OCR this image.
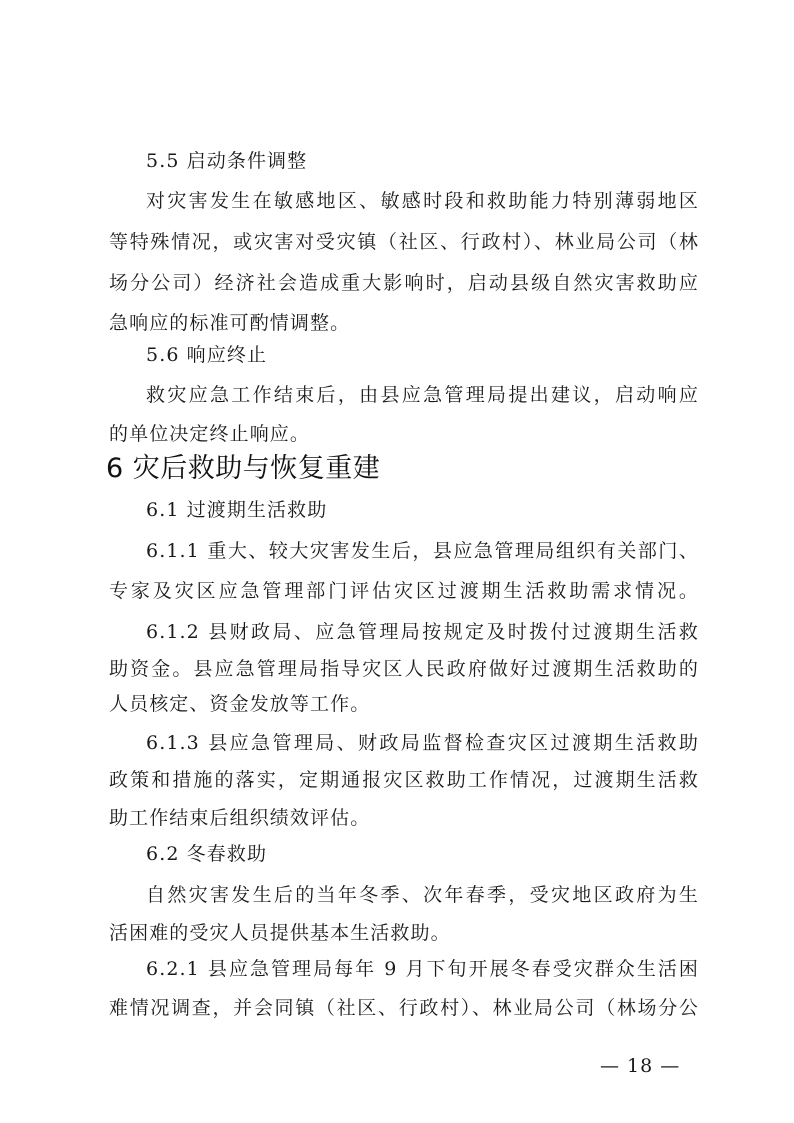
5.5 启动条件调整
对灾害发生在敏感地区、敏感时段和救助能力特别薄弱地区
等特殊情况，或灾害对受灾镇（社区、行政村）、林业局公司（林
场分公司）经济社会造成重大影响时，启动县级自然灾害救助应
急响应的标准可酌情调整。
5.6 响应终止
救灾应急工作结束后，由县应急管理局提出建议，启动响应
的单位决定终止响应。
6 灾后救助与恢复重建
6.1 过渡期生活救助
6.1.1 重大、较大灾害发生后，县应急管理局组织有关部门、
专家及灾区应急管理部门评估灾区过渡期生活救助需求情况。
6.1.2 县财政局、应急管理局按规定及时拨付过渡期生活救
助资金。县应急管理局指导灾区人民政府做好过渡期生活救助的
人员核定、资金发放等工作。
6.1.3 县应急管理局、财政局监督检查灾区过渡期生活救助
政策和措施的落实，定期通报灾区救助工作情况，过渡期生活救
助工作结束后组织绩效评估。
6.2 冬春救助
自然灾害发生后的当年冬季、次年春季，受灾地区政府为生
活困难的受灾人员提供基本生活救助。
6.2.1 县应急管理局每年 9 月下旬开展冬春受灾群众生活困
难情况调查，并会同镇（社区、行政村）、林业局公司（林场分公
— 18 —
